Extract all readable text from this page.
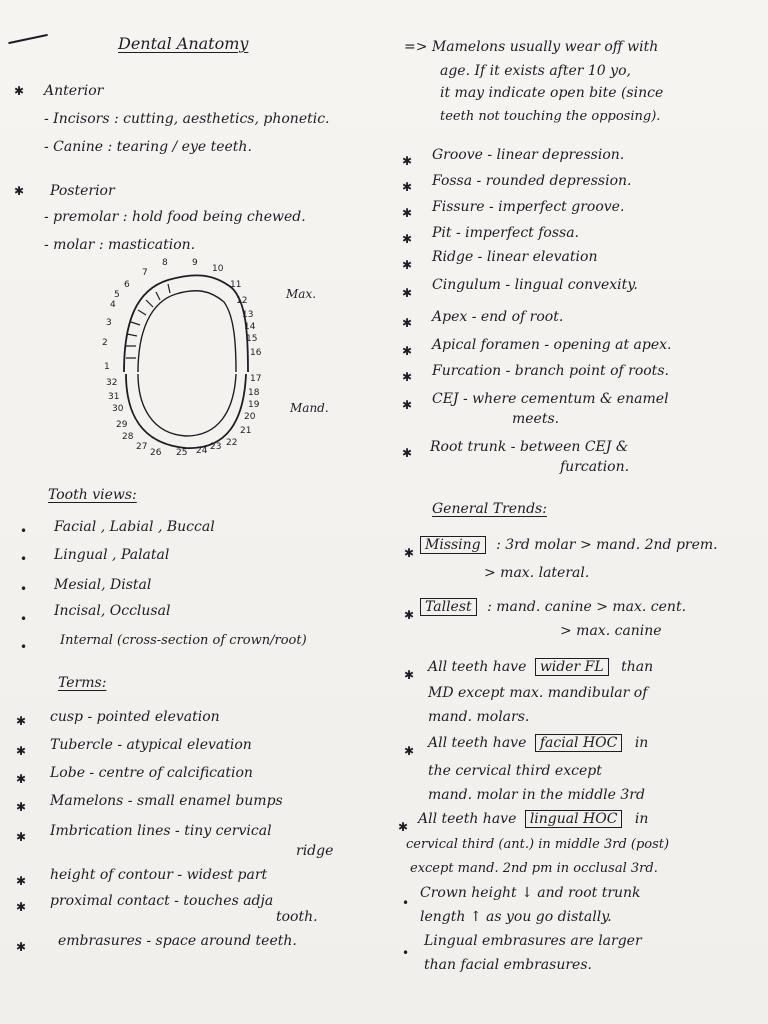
Dental Anatomy
✱ Anterior
- Incisors : cutting, aesthetics, phonetic.
- Canine : tearing / eye teeth.
✱ Posterior
- premolar : hold food being chewed.
- molar : mastication.
1
2
3
4
5
6
7
8	9
10
11
12
13
14
15
16
17
18
19
20
21
22
23
24
25
26
27
28
29
30
31
32
Max.
Mand.
Tooth views:
• Facial , Labial , Buccal
• Lingual , Palatal
• Mesial, Distal
• Incisal, Occlusal
•	Internal (cross-section of crown/root)
Terms:
✱ cusp - pointed elevation
✱ Tubercle - atypical elevation
✱ Lobe - centre of calcification
✱ Mamelons - small enamel bumps
✱ Imbrication lines - tiny cervical
ridge
✱ height of contour - widest part
✱ proximal contact - touches adja
tooth.
✱ embrasures - space around teeth.
=> Mamelons usually wear off with
age. If it exists after 10 yo,
it may indicate open bite (since
teeth not touching the opposing).
✱ Groove - linear depression.
✱ Fossa - rounded depression.
✱ Fissure - imperfect groove.
✱ Pit - imperfect fossa.
✱ Ridge - linear elevation
✱ Cingulum - lingual convexity.
✱ Apex - end of root.
✱ Apical foramen - opening at apex.
✱ Furcation - branch point of roots.
✱ CEJ - where cementum & enamel
meets.
✱ Root trunk - between CEJ &
furcation.
General Trends:
✱ Missing : 3rd molar > mand. 2nd prem.
> max. lateral.
✱ Tallest : mand. canine > max. cent.
> max. canine
✱ All teeth have wider FL than
MD except max. mandibular of
mand. molars.
✱ All teeth have facial HOC in
the cervical third except
mand. molar in the middle 3rd
✱ All teeth have lingual HOC in
cervical third (ant.) in middle 3rd (post)
except mand. 2nd pm in occlusal 3rd.
•
Crown height ↓ and root trunk
length ↑ as you go distally.
•
Lingual embrasures are larger
than facial embrasures.
